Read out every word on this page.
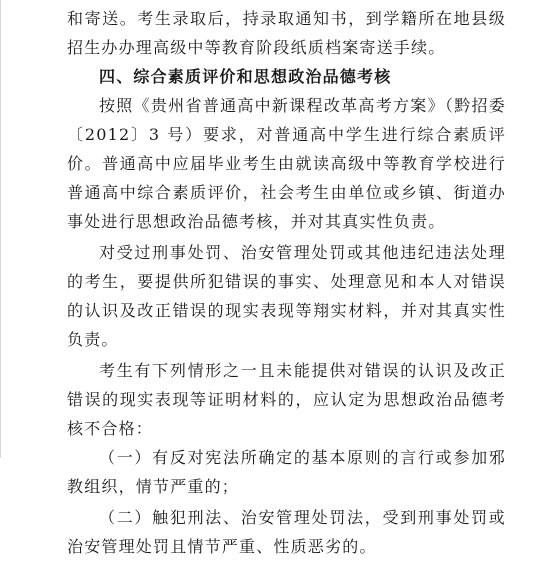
和寄送。考生录取后，持录取通知书，到学籍所在地县级招生办办理高级中等教育阶段纸质档案寄送手续。

四、综合素质评价和思想政治品德考核

按照《贵州省普通高中新课程改革高考方案》（黔招委〔2012〕3 号）要求，对普通高中学生进行综合素质评价。普通高中应届毕业考生由就读高级中等教育学校进行普通高中综合素质评价，社会考生由单位或乡镇、街道办事处进行思想政治品德考核，并对其真实性负责。

对受过刑事处罚、治安管理处罚或其他违纪违法处理的考生，要提供所犯错误的事实、处理意见和本人对错误的认识及改正错误的现实表现等翔实材料，并对其真实性负责。

考生有下列情形之一且未能提供对错误的认识及改正错误的现实表现等证明材料的，应认定为思想政治品德考核不合格：

（一）有反对宪法所确定的基本原则的言行或参加邪教组织，情节严重的；

（二）触犯刑法、治安管理处罚法，受到刑事处罚或治安管理处罚且情节严重、性质恶劣的。
